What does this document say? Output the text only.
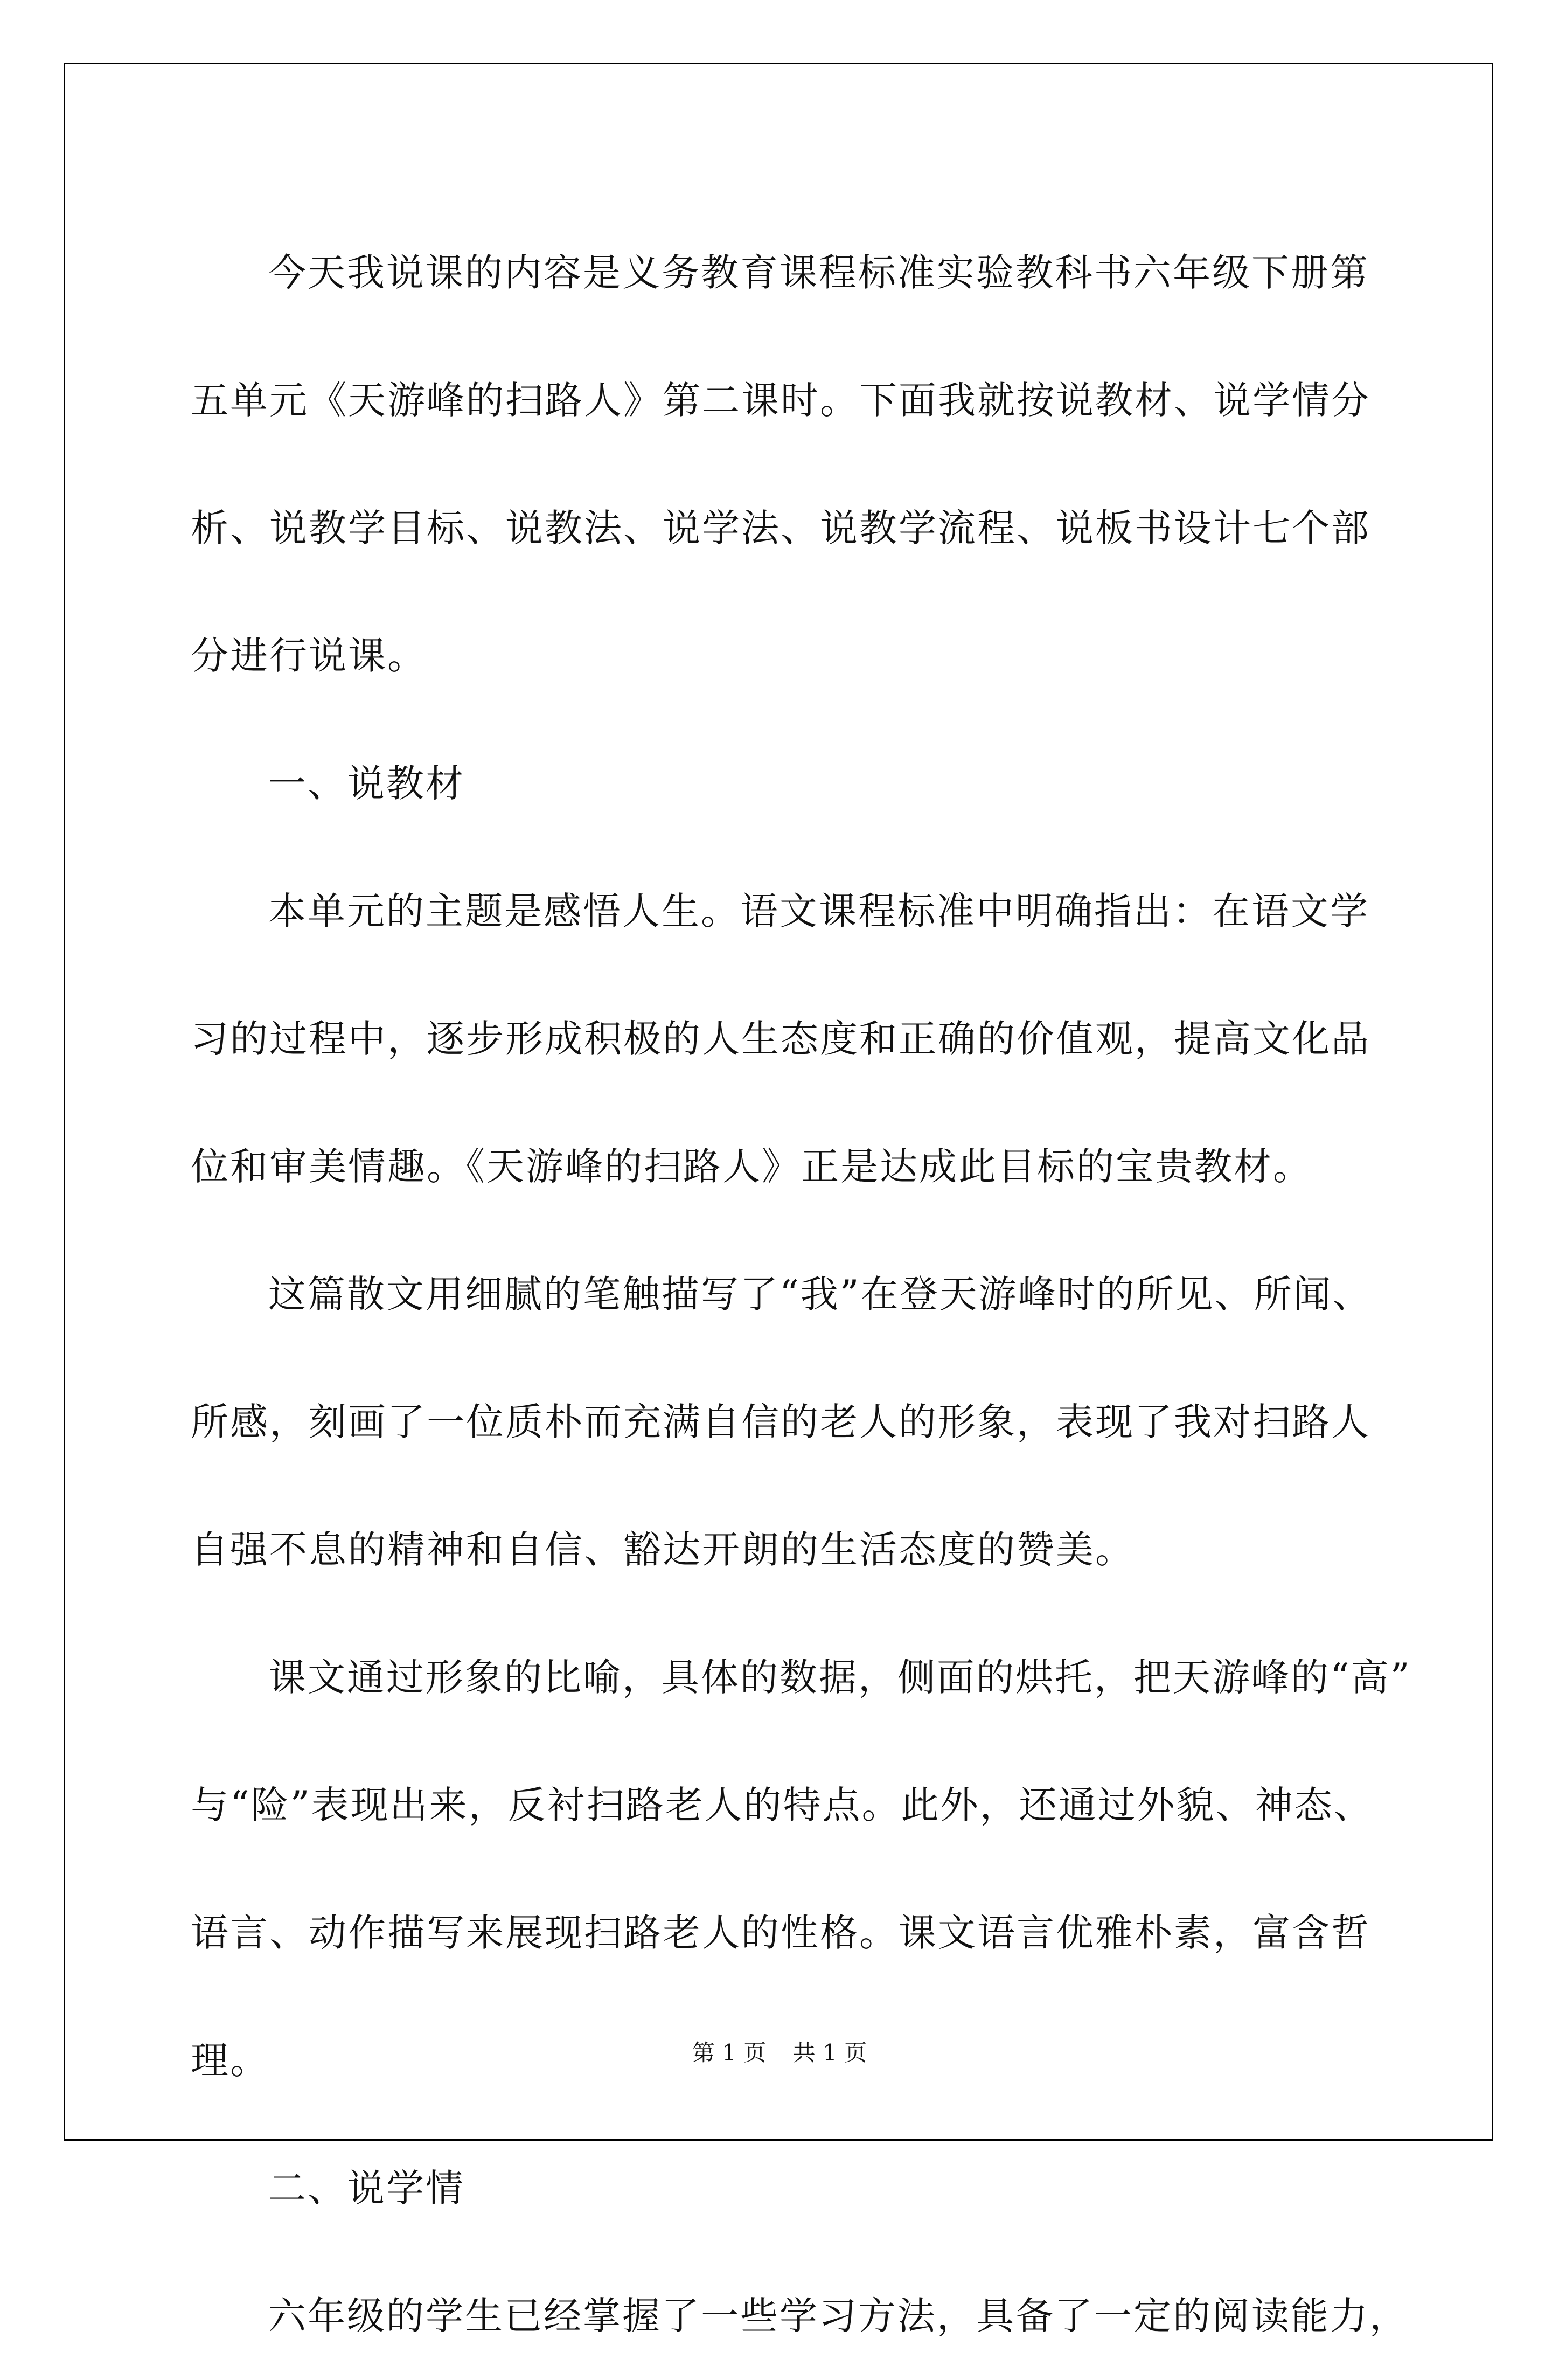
今天我说课的内容是义务教育课程标准实验教科书六年级下册第

五单元《天游峰的扫路人》第二课时。下面我就按说教材、说学情分

析、说教学目标、说教法、说学法、说教学流程、说板书设计七个部

分进行说课。

一、说教材

本单元的主题是感悟人生。语文课程标准中明确指出：在语文学

习的过程中，逐步形成积极的人生态度和正确的价值观，提高文化品

位和审美情趣。《天游峰的扫路人》正是达成此目标的宝贵教材。

这篇散文用细腻的笔触描写了“我”在登天游峰时的所见、所闻、

所感，刻画了一位质朴而充满自信的老人的形象，表现了我对扫路人

自强不息的精神和自信、豁达开朗的生活态度的赞美。

课文通过形象的比喻，具体的数据，侧面的烘托，把天游峰的“高”

与“险”表现出来，反衬扫路老人的特点。此外，还通过外貌、神态、

语言、动作描写来展现扫路老人的性格。课文语言优雅朴素，富含哲

理。

二、说学情

六年级的学生已经掌握了一些学习方法，具备了一定的阅读能力，

第 1 页 共 1 页
